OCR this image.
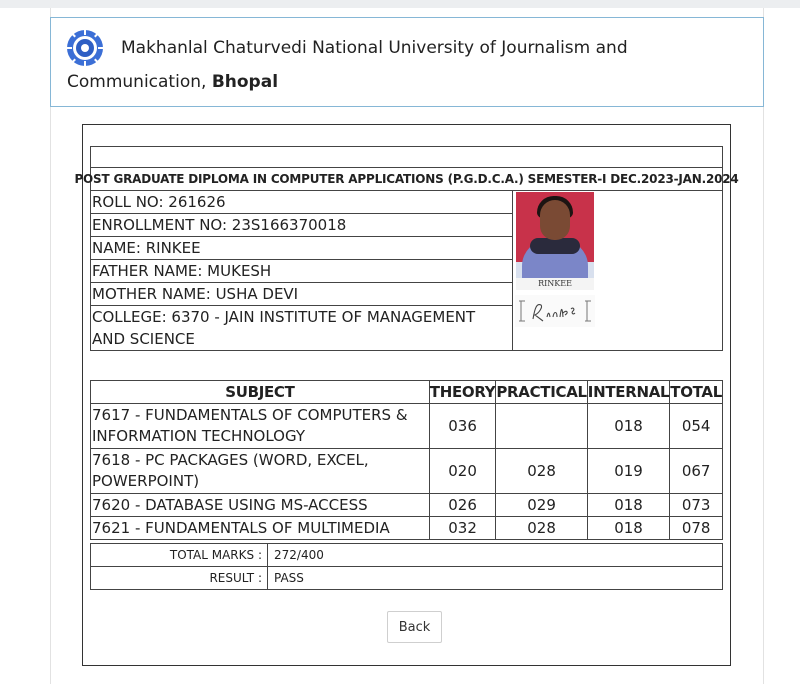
Makhanlal Chaturvedi National University of Journalism and
Communication, Bhopal
POST GRADUATE DIPLOMA IN COMPUTER APPLICATIONS (P.G.D.C.A.) SEMESTER-I DEC.2023-JAN.2024
ROLL NO: 261626
ENROLLMENT NO: 23S166370018
NAME: RINKEE
FATHER NAME: MUKESH
MOTHER NAME: USHA DEVI
COLLEGE: 6370 - JAIN INSTITUTE OF MANAGEMENT AND SCIENCE
RINKEE
SUBJECT	THEORY	PRACTICAL	INTERNAL	TOTAL
7617 - FUNDAMENTALS OF COMPUTERS & INFORMATION TECHNOLOGY	036		018	054
7618 - PC PACKAGES (WORD, EXCEL, POWERPOINT)	020	028	019	067
7620 - DATABASE USING MS-ACCESS	026	029	018	073
7621 - FUNDAMENTALS OF MULTIMEDIA	032	028	018	078
TOTAL MARKS :	272/400
RESULT :	PASS
Back
